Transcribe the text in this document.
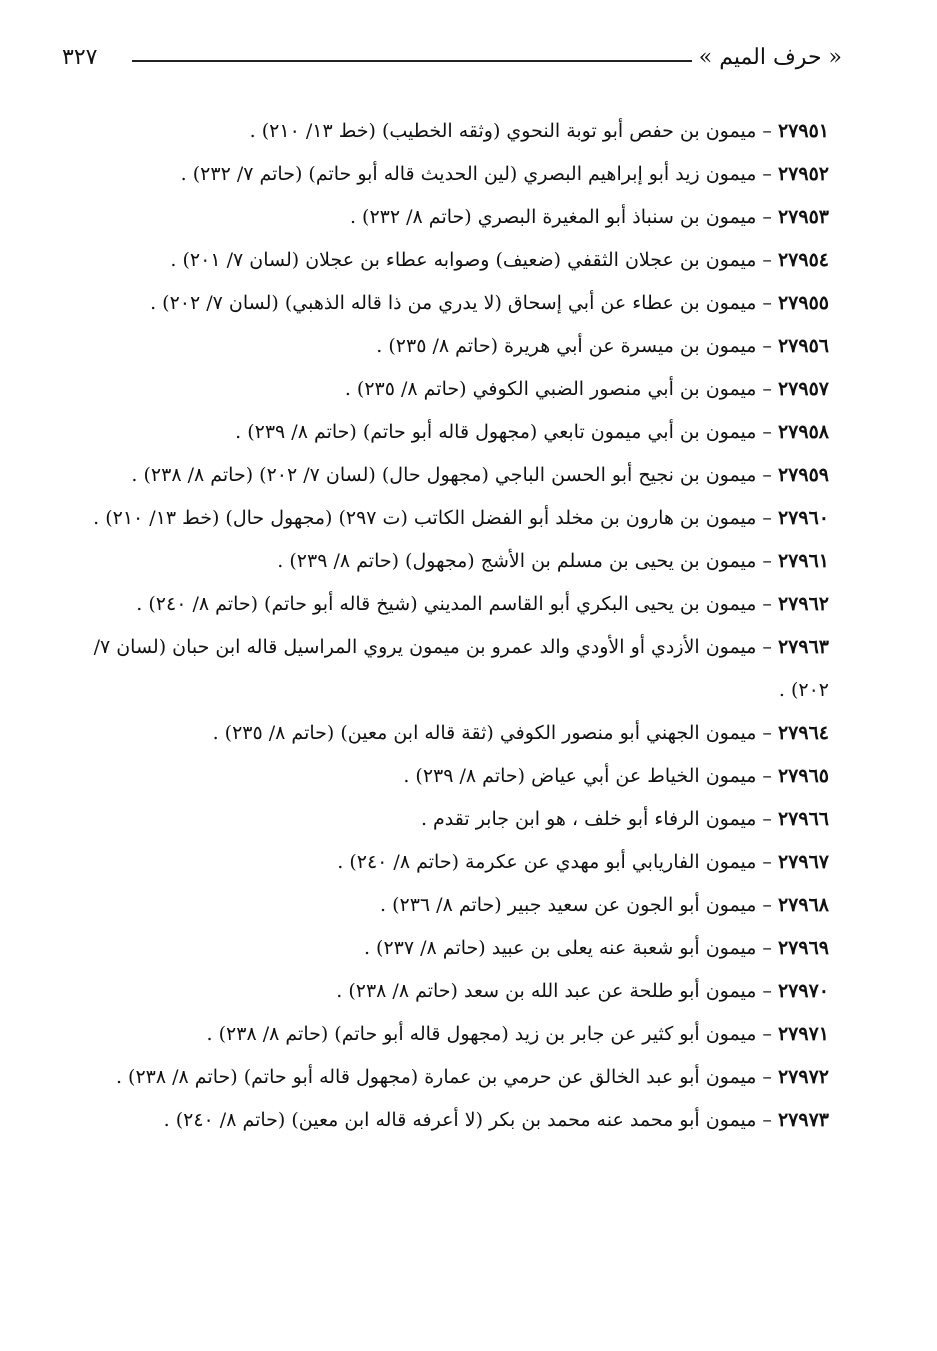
« حرف الميم »
٣٢٧

٢٧٩٥١ – ميمون بن حفص أبو توبة النحوي (وثقه الخطيب) (خط ١٣/ ٢١٠) .

٢٧٩٥٢ – ميمون زيد أبو إبراهيم البصري (لين الحديث قاله أبو حاتم) (حاتم ٧/ ٢٣٢) .

٢٧٩٥٣ – ميمون بن سنباذ أبو المغيرة البصري (حاتم ٨/ ٢٣٢) .

٢٧٩٥٤ – ميمون بن عجلان الثقفي (ضعيف) وصوابه عطاء بن عجلان (لسان ٧/ ٢٠١) .

٢٧٩٥٥ – ميمون بن عطاء عن أبي إسحاق (لا يدري من ذا قاله الذهبي) (لسان ٧/ ٢٠٢) .

٢٧٩٥٦ – ميمون بن ميسرة عن أبي هريرة (حاتم ٨/ ٢٣٥) .

٢٧٩٥٧ – ميمون بن أبي منصور الضبي الكوفي (حاتم ٨/ ٢٣٥) .

٢٧٩٥٨ – ميمون بن أبي ميمون تابعي (مجهول قاله أبو حاتم) (حاتم ٨/ ٢٣٩) .

٢٧٩٥٩ – ميمون بن نجيح أبو الحسن الباجي (مجهول حال) (لسان ٧/ ٢٠٢) (حاتم ٨/ ٢٣٨) .

٢٧٩٦٠ – ميمون بن هارون بن مخلد أبو الفضل الكاتب (ت ٢٩٧) (مجهول حال) (خط ١٣/ ٢١٠) .

٢٧٩٦١ – ميمون بن يحيى بن مسلم بن الأشج (مجهول) (حاتم ٨/ ٢٣٩) .

٢٧٩٦٢ – ميمون بن يحيى البكري أبو القاسم المديني (شيخ قاله أبو حاتم) (حاتم ٨/ ٢٤٠) .

٢٧٩٦٣ – ميمون الأزدي أو الأودي والد عمرو بن ميمون يروي المراسيل قاله ابن حبان (لسان ٧/ ٢٠٢) .

٢٧٩٦٤ – ميمون الجهني أبو منصور الكوفي (ثقة قاله ابن معين) (حاتم ٨/ ٢٣٥) .

٢٧٩٦٥ – ميمون الخياط عن أبي عياض (حاتم ٨/ ٢٣٩) .

٢٧٩٦٦ – ميمون الرفاء أبو خلف ، هو ابن جابر تقدم .

٢٧٩٦٧ – ميمون الفاريابي أبو مهدي عن عكرمة (حاتم ٨/ ٢٤٠) .

٢٧٩٦٨ – ميمون أبو الجون عن سعيد جبير (حاتم ٨/ ٢٣٦) .

٢٧٩٦٩ – ميمون أبو شعبة عنه يعلى بن عبيد (حاتم ٨/ ٢٣٧) .

٢٧٩٧٠ – ميمون أبو طلحة عن عبد الله بن سعد (حاتم ٨/ ٢٣٨) .

٢٧٩٧١ – ميمون أبو كثير عن جابر بن زيد (مجهول قاله أبو حاتم) (حاتم ٨/ ٢٣٨) .

٢٧٩٧٢ – ميمون أبو عبد الخالق عن حرمي بن عمارة (مجهول قاله أبو حاتم) (حاتم ٨/ ٢٣٨) .

٢٧٩٧٣ – ميمون أبو محمد عنه محمد بن بكر (لا أعرفه قاله ابن معين) (حاتم ٨/ ٢٤٠) .
